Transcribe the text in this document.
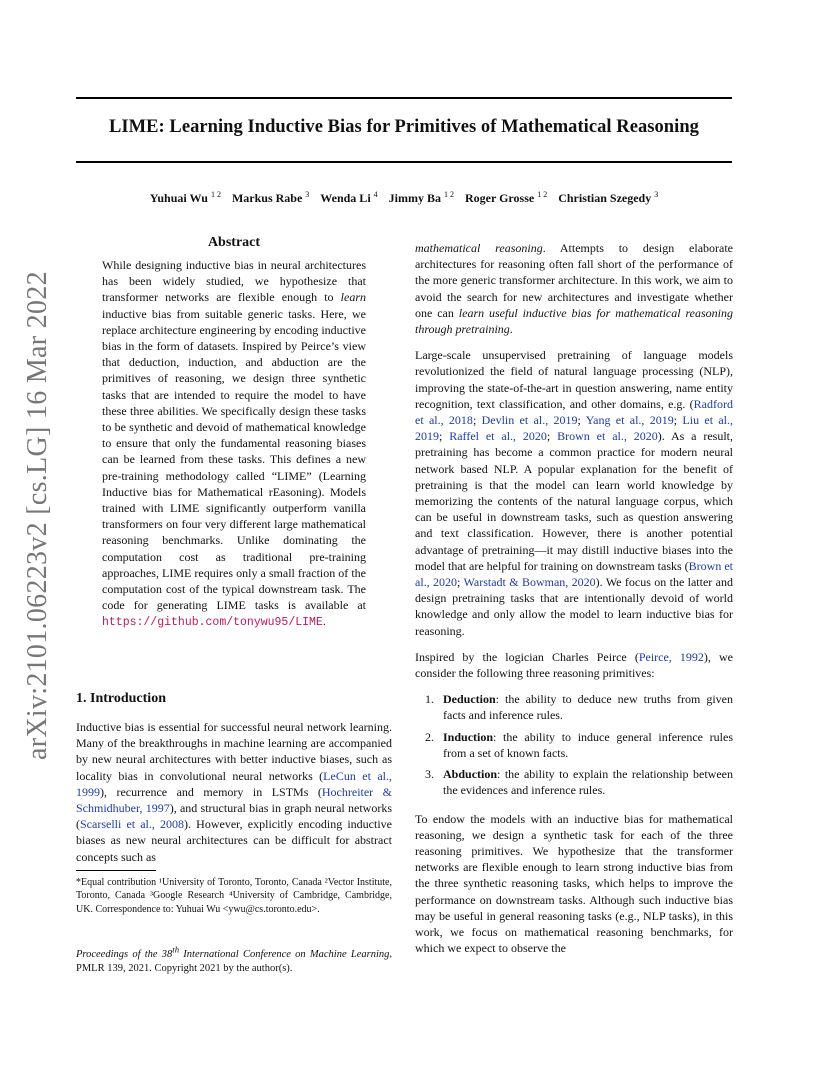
LIME: Learning Inductive Bias for Primitives of Mathematical Reasoning
Yuhuai Wu $^{1 2}$ Markus Rabe $^3$ Wenda Li $^4$ Jimmy Ba $^{1 2}$ Roger Grosse $^{1 2}$ Christian Szegedy $^3$
arXiv:2101.06223v2 [cs.LG] 16 Mar 2022
Abstract
While designing inductive bias in neural architectures has been widely studied, we hypothesize that transformer networks are flexible enough to learn inductive bias from suitable generic tasks. Here, we replace architecture engineering by encoding inductive bias in the form of datasets. Inspired by Peirce’s view that deduction, induction, and abduction are the primitives of reasoning, we design three synthetic tasks that are intended to require the model to have these three abilities. We specifically design these tasks to be synthetic and devoid of mathematical knowledge to ensure that only the fundamental reasoning biases can be learned from these tasks. This defines a new pre-training methodology called “LIME” (Learning Inductive bias for Mathematical rEasoning). Models trained with LIME significantly outperform vanilla transformers on four very different large mathematical reasoning benchmarks. Unlike dominating the computation cost as traditional pre-training approaches, LIME requires only a small fraction of the computation cost of the typical downstream task. The code for generating LIME tasks is available at https://github.com/tonywu95/LIME.
1. Introduction
Inductive bias is essential for successful neural network learning. Many of the breakthroughs in machine learning are accompanied by new neural architectures with better inductive biases, such as locality bias in convolutional neural networks (LeCun et al., 1999), recurrence and memory in LSTMs (Hochreiter & Schmidhuber, 1997), and structural bias in graph neural networks (Scarselli et al., 2008). However, explicitly encoding inductive biases as new neural architectures can be difficult for abstract concepts such as
*Equal contribution ¹University of Toronto, Toronto, Canada ²Vector Institute, Toronto, Canada ³Google Research ⁴University of Cambridge, Cambridge, UK. Correspondence to: Yuhuai Wu <ywu@cs.toronto.edu>.
Proceedings of the 38th International Conference on Machine Learning, PMLR 139, 2021. Copyright 2021 by the author(s).

mathematical reasoning. Attempts to design elaborate architectures for reasoning often fall short of the performance of the more generic transformer architecture. In this work, we aim to avoid the search for new architectures and investigate whether one can learn useful inductive bias for mathematical reasoning through pretraining.

Large-scale unsupervised pretraining of language models revolutionized the field of natural language processing (NLP), improving the state-of-the-art in question answering, name entity recognition, text classification, and other domains, e.g. (Radford et al., 2018; Devlin et al., 2019; Yang et al., 2019; Liu et al., 2019; Raffel et al., 2020; Brown et al., 2020). As a result, pretraining has become a common practice for modern neural network based NLP. A popular explanation for the benefit of pretraining is that the model can learn world knowledge by memorizing the contents of the natural language corpus, which can be useful in downstream tasks, such as question answering and text classification. However, there is another potential advantage of pretraining—it may distill inductive biases into the model that are helpful for training on downstream tasks (Brown et al., 2020; Warstadt & Bowman, 2020). We focus on the latter and design pretraining tasks that are intentionally devoid of world knowledge and only allow the model to learn inductive bias for reasoning.

Inspired by the logician Charles Peirce (Peirce, 1992), we consider the following three reasoning primitives:

1. Deduction: the ability to deduce new truths from given facts and inference rules.
2. Induction: the ability to induce general inference rules from a set of known facts.
3. Abduction: the ability to explain the relationship between the evidences and inference rules.

To endow the models with an inductive bias for mathematical reasoning, we design a synthetic task for each of the three reasoning primitives. We hypothesize that the transformer networks are flexible enough to learn strong inductive bias from the three synthetic reasoning tasks, which helps to improve the performance on downstream tasks. Although such inductive bias may be useful in general reasoning tasks (e.g., NLP tasks), in this work, we focus on mathematical reasoning benchmarks, for which we expect to observe the
